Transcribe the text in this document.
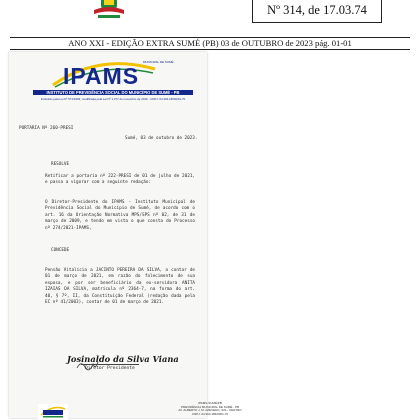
Nº 314, de 17.03.74
ANO XXI - EDIÇÃO EXTRA SUMÉ (PB) 03 de OUTUBRO de 2023 pág. 01-01
IPAMS
MUNICIPAL DE SUMÉ
INSTITUTO DE PREVIDÊNCIA SOCIAL DO MUNICÍPIO DE SUMÉ - PB
Instituído pela Lei Nº 571/1993, modificada pela Lei Nº 1.377 de novembro de 2016 - CNPJ: 04.304.186/0001-70
PORTARIA Nº 260-PRESI
Sumé, 03 de outubro de 2023.
RESOLVE
Retificar a portaria nº 222-PRESI de 01 de julho de 2021, e passa a vigorar com a seguinte redação:
O Diretor-Presidente do IPAMS - Instituto Municipal de Previdência Social do Município de Sumé, de acordo com o art. 16 da Orientação Normativa MPS/SPS nº 02, de 31 de março de 2009, e tendo em vista o que consta do Processo nº 274/2021-IPAMS,
CONCEDE
Pensão Vitalícia a JACINTO PEREIRA DA SILVA, a contar de 01 de março de 2021, em razão do falecimento de sua esposa, e por ser beneficiário da ex-servidora ANITA IZAIAS DA SILVA, matrícula nº 2364-7, na forma do art. 40, § 7º, II, da Constituição Federal (redação dada pela EC nº 41/2003), contar de 01 de março de 2021.
Josinaldo da Silva Viana
Diretor Presidente
IPAMS-SUMÉ/PB
PREVIDÊNCIA MUNICIPAL DE SUMÉ - PB
AV. ALBERTO J. M. AZEVEDO, S/N - CENTRO
CNPJ: 04.304.186/0001-70
